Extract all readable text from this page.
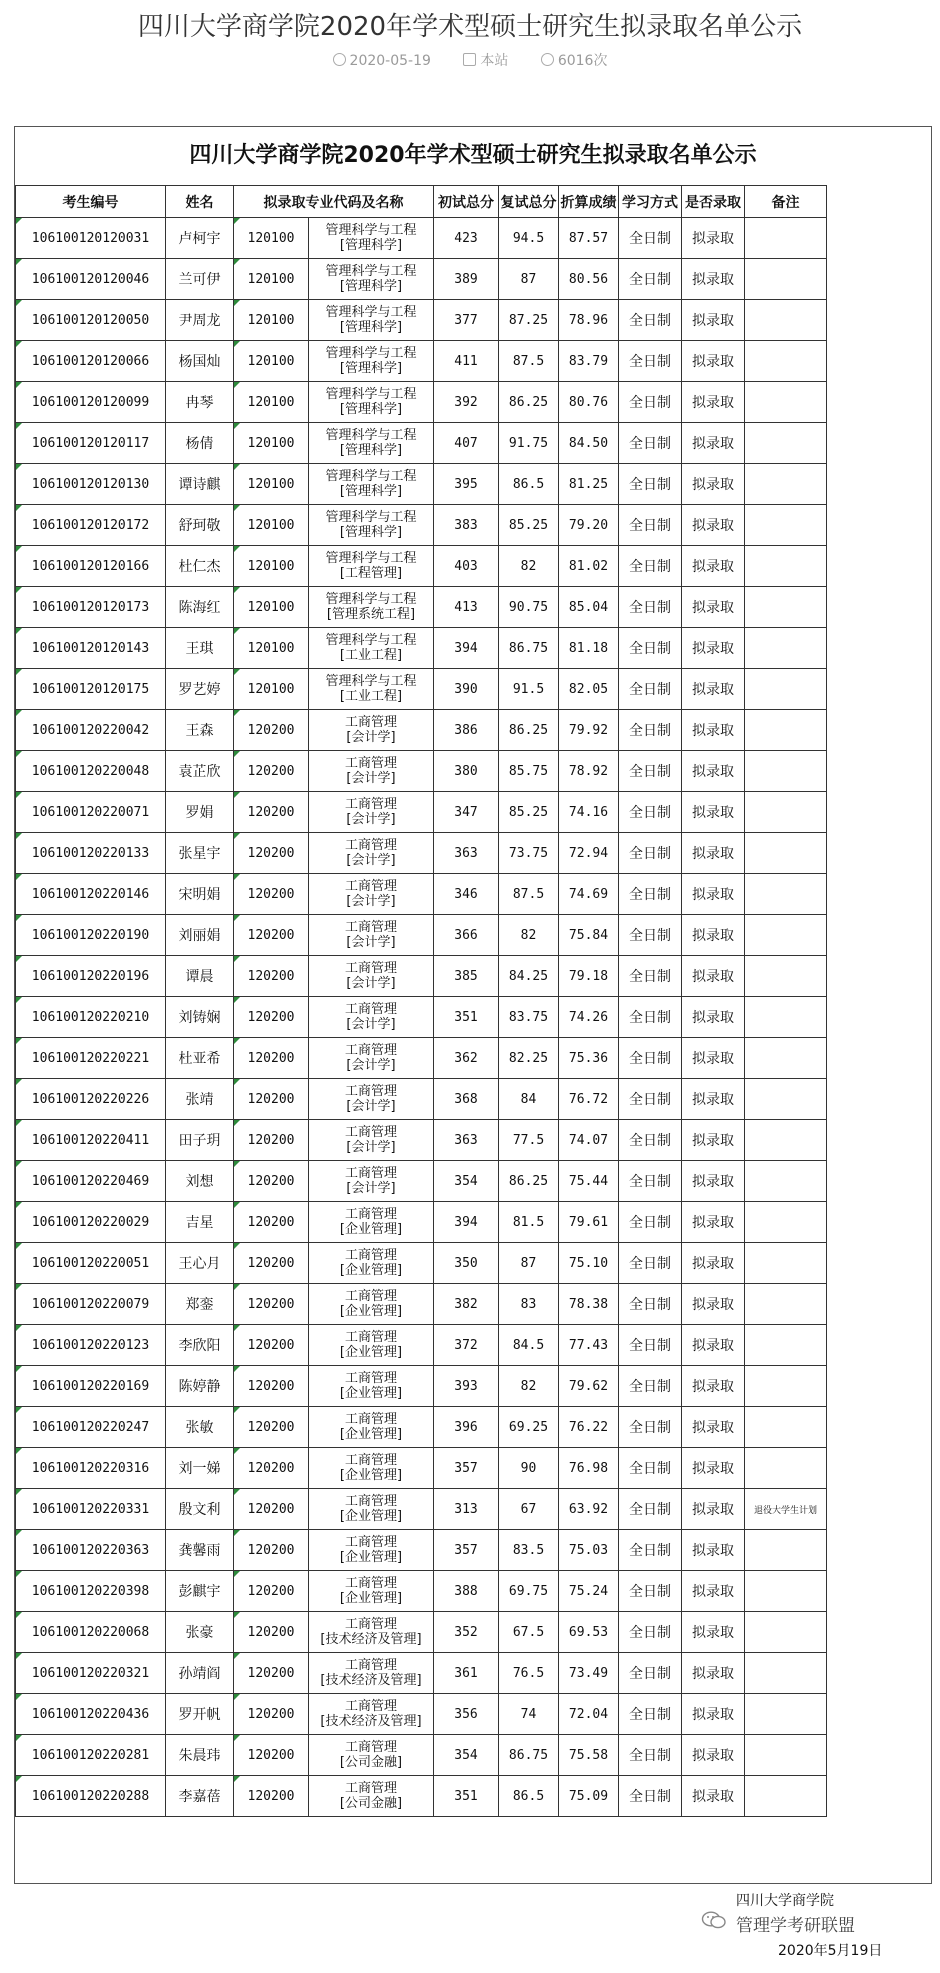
四川大学商学院2020年学术型硕士研究生拟录取名单公示
2020-05-19	本站	6016次
四川大学商学院2020年学术型硕士研究生拟录取名单公示
考生编号	姓名	拟录取专业代码及名称		初试总分	复试总分	折算成绩	学习方式	是否录取	备注
106100120120031	卢柯宇	120100	管理科学与工程
[管理科学]	423	94.5	87.57	全日制	拟录取	
106100120120046	兰可伊	120100	管理科学与工程
[管理科学]	389	87	80.56	全日制	拟录取	
106100120120050	尹周龙	120100	管理科学与工程
[管理科学]	377	87.25	78.96	全日制	拟录取	
106100120120066	杨国灿	120100	管理科学与工程
[管理科学]	411	87.5	83.79	全日制	拟录取	
106100120120099	冉琴	120100	管理科学与工程
[管理科学]	392	86.25	80.76	全日制	拟录取	
106100120120117	杨倩	120100	管理科学与工程
[管理科学]	407	91.75	84.50	全日制	拟录取	
106100120120130	谭诗麒	120100	管理科学与工程
[管理科学]	395	86.5	81.25	全日制	拟录取	
106100120120172	舒珂敬	120100	管理科学与工程
[管理科学]	383	85.25	79.20	全日制	拟录取	
106100120120166	杜仁杰	120100	管理科学与工程
[工程管理]	403	82	81.02	全日制	拟录取	
106100120120173	陈海红	120100	管理科学与工程
[管理系统工程]	413	90.75	85.04	全日制	拟录取	
106100120120143	王琪	120100	管理科学与工程
[工业工程]	394	86.75	81.18	全日制	拟录取	
106100120120175	罗艺婷	120100	管理科学与工程
[工业工程]	390	91.5	82.05	全日制	拟录取	
106100120220042	王森	120200	工商管理
[会计学]	386	86.25	79.92	全日制	拟录取	
106100120220048	袁芷欣	120200	工商管理
[会计学]	380	85.75	78.92	全日制	拟录取	
106100120220071	罗娟	120200	工商管理
[会计学]	347	85.25	74.16	全日制	拟录取	
106100120220133	张星宇	120200	工商管理
[会计学]	363	73.75	72.94	全日制	拟录取	
106100120220146	宋明娟	120200	工商管理
[会计学]	346	87.5	74.69	全日制	拟录取	
106100120220190	刘丽娟	120200	工商管理
[会计学]	366	82	75.84	全日制	拟录取	
106100120220196	谭晨	120200	工商管理
[会计学]	385	84.25	79.18	全日制	拟录取	
106100120220210	刘铸娴	120200	工商管理
[会计学]	351	83.75	74.26	全日制	拟录取	
106100120220221	杜亚希	120200	工商管理
[会计学]	362	82.25	75.36	全日制	拟录取	
106100120220226	张靖	120200	工商管理
[会计学]	368	84	76.72	全日制	拟录取	
106100120220411	田子玥	120200	工商管理
[会计学]	363	77.5	74.07	全日制	拟录取	
106100120220469	刘想	120200	工商管理
[会计学]	354	86.25	75.44	全日制	拟录取	
106100120220029	吉星	120200	工商管理
[企业管理]	394	81.5	79.61	全日制	拟录取	
106100120220051	王心月	120200	工商管理
[企业管理]	350	87	75.10	全日制	拟录取	
106100120220079	郑銮	120200	工商管理
[企业管理]	382	83	78.38	全日制	拟录取	
106100120220123	李欣阳	120200	工商管理
[企业管理]	372	84.5	77.43	全日制	拟录取	
106100120220169	陈婷静	120200	工商管理
[企业管理]	393	82	79.62	全日制	拟录取	
106100120220247	张敏	120200	工商管理
[企业管理]	396	69.25	76.22	全日制	拟录取	
106100120220316	刘一娣	120200	工商管理
[企业管理]	357	90	76.98	全日制	拟录取	
106100120220331	殷文利	120200	工商管理
[企业管理]	313	67	63.92	全日制	拟录取	退役大学生计划
106100120220363	龚馨雨	120200	工商管理
[企业管理]	357	83.5	75.03	全日制	拟录取	
106100120220398	彭麒宇	120200	工商管理
[企业管理]	388	69.75	75.24	全日制	拟录取	
106100120220068	张豪	120200	工商管理
[技术经济及管理]	352	67.5	69.53	全日制	拟录取	
106100120220321	孙靖阎	120200	工商管理
[技术经济及管理]	361	76.5	73.49	全日制	拟录取	
106100120220436	罗开帆	120200	工商管理
[技术经济及管理]	356	74	72.04	全日制	拟录取	
106100120220281	朱晨玮	120200	工商管理
[公司金融]	354	86.75	75.58	全日制	拟录取	
106100120220288	李嘉蓓	120200	工商管理
[公司金融]	351	86.5	75.09	全日制	拟录取	
四川大学商学院
管理学考研联盟
2020年5月19日
